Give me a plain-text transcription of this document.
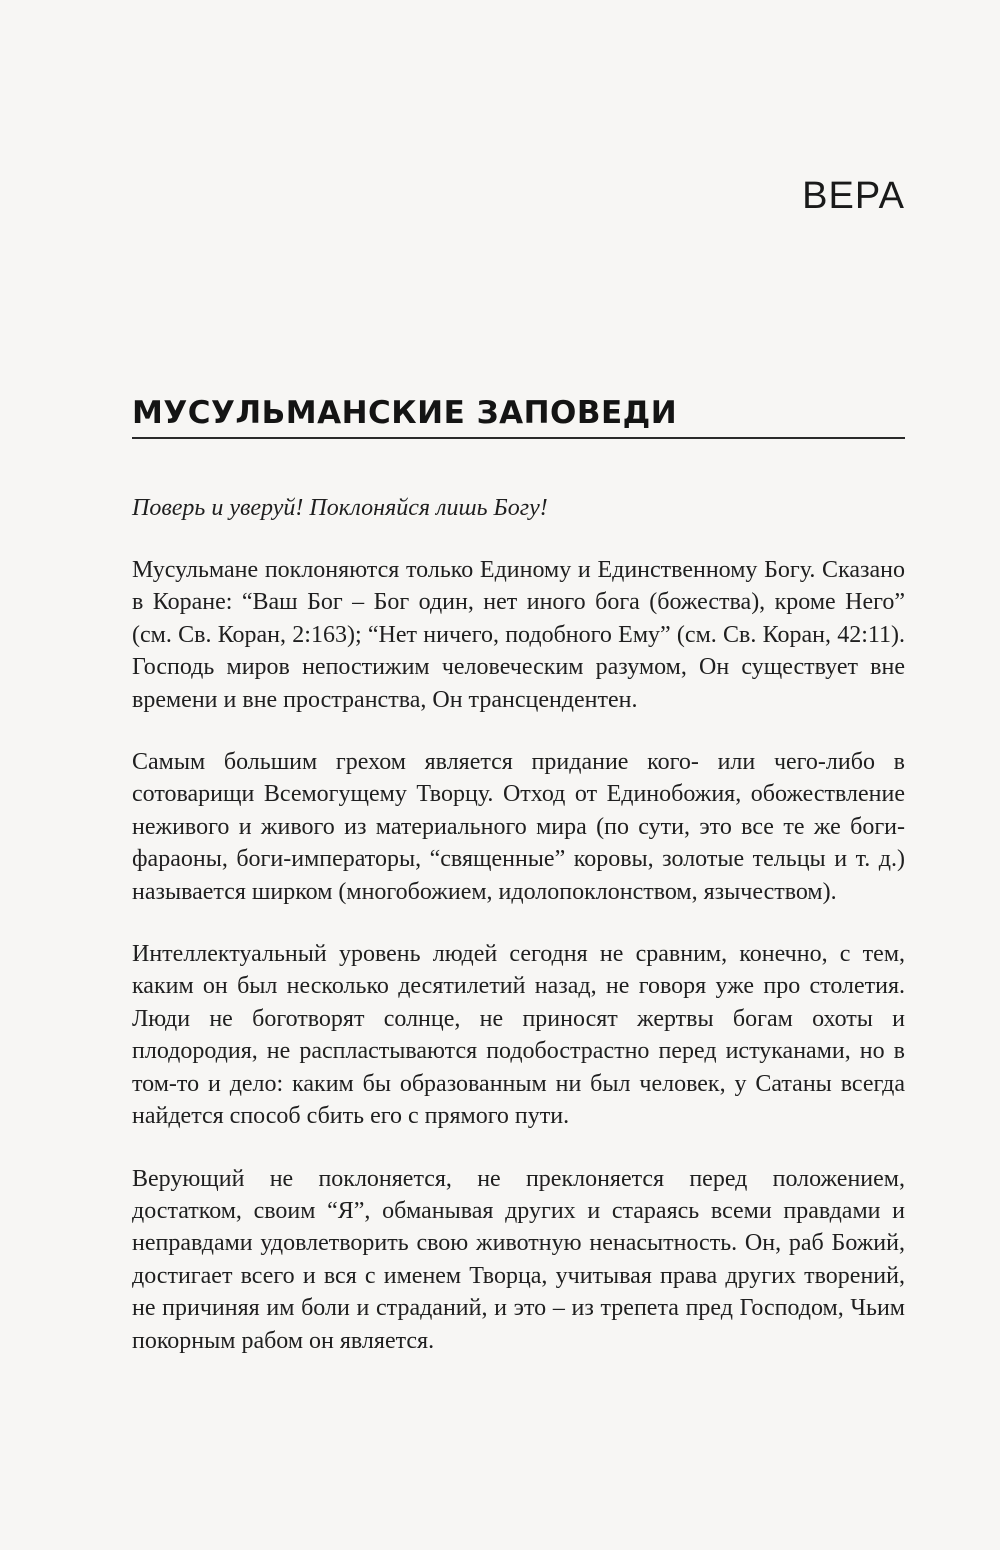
ВЕРА
МУСУЛЬМАНСКИЕ ЗАПОВЕДИ

Поверь и уверуй! Поклоняйся лишь Богу!

Мусульмане поклоняются только Единому и Единственному Богу. Сказано в Коране: “Ваш Бог – Бог один, нет иного бога (божества), кроме Него” (см. Св. Коран, 2:163); “Нет ничего, подобного Ему” (см. Св. Коран, 42:11). Господь миров непостижим человеческим разумом, Он существует вне времени и вне пространства, Он трансцендентен.

Самым большим грехом является придание кого- или чего-либо в сотоварищи Всемогущему Творцу. Отход от Единобожия, обожествление неживого и живого из материального мира (по сути, это все те же боги-фараоны, боги-императоры, “священные” коровы, золотые тельцы и т. д.) называется ширком (многобожием, идолопоклонством, язычеством).

Интеллектуальный уровень людей сегодня не сравним, конечно, с тем, каким он был несколько десятилетий назад, не говоря уже про столетия. Люди не боготворят солнце, не приносят жертвы богам охоты и плодородия, не распластываются подобострастно перед истуканами, но в том-то и дело: каким бы образованным ни был человек, у Сатаны всегда найдется способ сбить его с прямого пути.

Верующий не поклоняется, не преклоняется перед положением, достатком, своим “Я”, обманывая других и стараясь всеми правдами и неправдами удовлетворить свою животную ненасытность. Он, раб Божий, достигает всего и вся с именем Творца, учитывая права других творений, не причиняя им боли и страданий, и это – из трепета пред Господом, Чьим покорным рабом он является.
